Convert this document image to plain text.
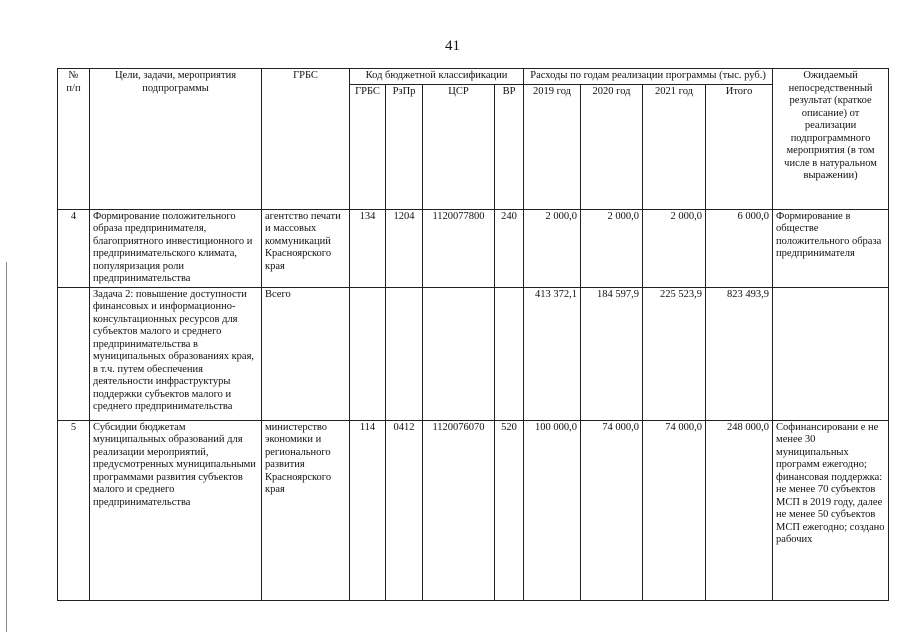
41
№
п/п	Цели, задачи, мероприятия подпрограммы	ГРБС	Код бюджетной классификации				Расходы по годам реализации программы (тыс. руб.)				Ожидаемый непосредственный результат (краткое описание) от реализации подпрограммного мероприятия (в том числе в натуральном выражении)
			ГРБС	РзПр	ЦСР	ВР	2019 год	2020 год	2021 год	Итого	
4	Формирование положительного образа предпринимателя, благоприятного инвестиционного и предпринимательского климата, популяризация роли предпринимательства	агентство печати и массовых коммуникаций Красноярского края	134	1204	1120077800	240	2 000,0	2 000,0	2 000,0	6 000,0	Формирование в обществе положительного образа предпринимателя
	Задача 2: повышение доступности финансовых и информационно-консультационных ресурсов для субъектов малого и среднего предпринимательства в муниципальных образованиях края, в т.ч. путем обеспечения деятельности инфраструктуры поддержки субъектов малого и среднего предпринимательства	Всего					413 372,1	184 597,9	225 523,9	823 493,9	
5	Субсидии бюджетам муниципальных образований для реализации мероприятий, предусмотренных муниципальными программами развития субъектов малого и среднего предпринимательства	министерство экономики и регионального развития Красноярского края	114	0412	1120076070	520	100 000,0	74 000,0	74 000,0	248 000,0	Софинансировани е не менее 30 муниципальных программ ежегодно; финансовая поддержка: не менее 70 субъектов МСП в 2019 году, далее не менее 50 субъектов МСП ежегодно; создано рабочих
